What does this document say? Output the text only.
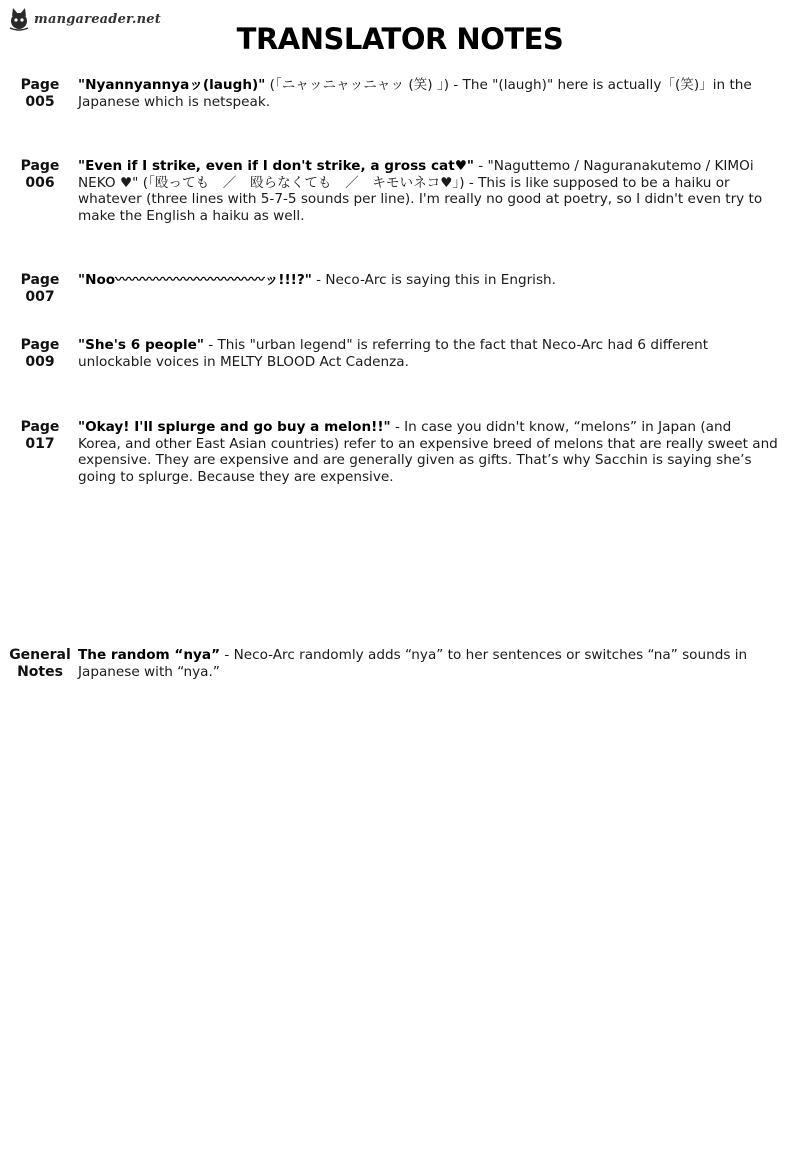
mangareader.net
TRANSLATOR NOTES
Page
005
"Nyannyannyaッ(laugh)" (「ニャッニャッニャッ (笑) 」) - The "(laugh)" here is actually「(笑)」in the Japanese which is netspeak.
Page
006
"Even if I strike, even if I don't strike, a gross cat♥" - "Naguttemo / Naguranakutemo / KIMOi NEKO ♥" (「殴っても　／　殴らなくても　／　キモいネコ♥」) - This is like supposed to be a haiku or whatever (three lines with 5-7-5 sounds per line). I'm really no good at poetry, so I didn't even try to make the English a haiku as well.
Page
007
"Noo〰〰〰〰〰〰〰〰〰〰〰ッ!!!?" - Neco-Arc is saying this in Engrish.
Page
009
"She's 6 people" - This "urban legend" is referring to the fact that Neco-Arc had 6 different unlockable voices in MELTY BLOOD Act Cadenza.
Page
017
"Okay! I'll splurge and go buy a melon!!" - In case you didn't know, “melons” in Japan (and Korea, and other East Asian countries) refer to an expensive breed of melons that are really sweet and expensive. They are expensive and are generally given as gifts. That’s why Sacchin is saying she’s going to splurge. Because they are expensive.
General
Notes
The random “nya” - Neco-Arc randomly adds “nya” to her sentences or switches “na” sounds in Japanese with “nya.”
